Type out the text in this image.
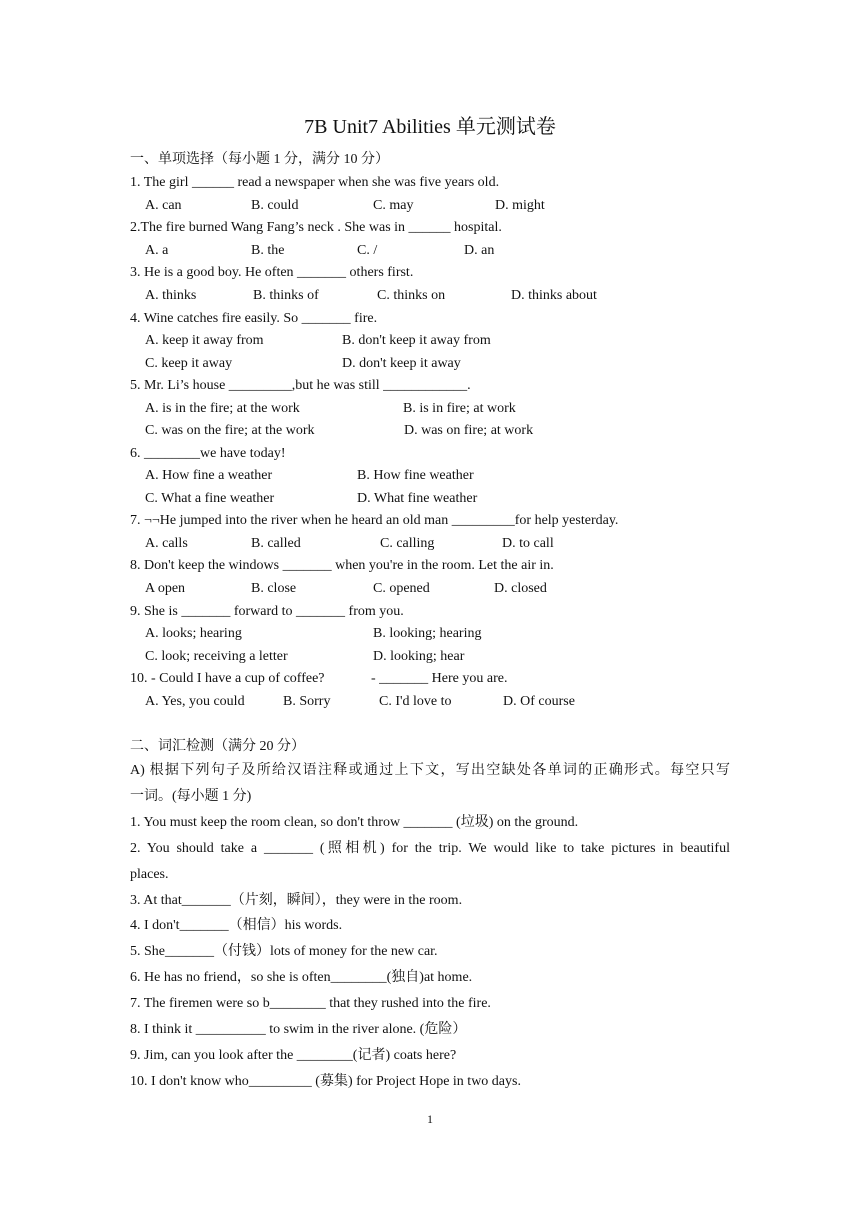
7B Unit7 Abilities 单元测试卷
一、单项选择（每小题 1 分，满分 10 分）
1. The girl ______ read a newspaper when she was five years old.
A. can	B. could	C. may	D. might
2.The fire burned Wang Fang’s neck . She was in ______ hospital.
A. a	B. the	C. /	D. an
3. He is a good boy. He often _______ others first.
A. thinks	B. thinks of	C. thinks on	D. thinks about
4. Wine catches fire easily. So _______ fire.
A. keep it away from	B. don't keep it away from
C. keep it away	D. don't keep it away
5. Mr. Li’s house _________,but he was still ____________.
A. is in the fire; at the work	B. is in fire; at work
C. was on the fire; at the work	D. was on fire; at work
6. ________we have today!
A. How fine a weather	B. How fine weather
C. What a fine weather	D. What fine weather
7. ¬¬He jumped into the river when he heard an old man _________for help yesterday.
A. calls	B. called	C. calling	D. to call
8. Don't keep the windows _______ when you're in the room. Let the air in.
A open	B. close	C. opened	D. closed
9. She is _______ forward to _______ from you.
A. looks; hearing	B. looking; hearing
C. look; receiving a letter	D. looking; hear
10. - Could I have a cup of coffee?	- _______ Here you are.
A. Yes, you could	B. Sorry	C. I'd love to	D. Of course
二、词汇检测（满分 20 分）
A) 根据下列句子及所给汉语注释或通过上下文，写出空缺处各单词的正确形式。每空只写
一词。(每小题 1 分)
1. You must keep the room clean, so don't throw _______ (垃圾) on the ground.
2. You should take a _______ (照相机) for the trip. We would like to take pictures in beautiful
places.
3. At that_______（片刻，瞬间），they were in the room.
4. I don't_______（相信）his words.
5. She_______（付钱）lots of money for the new car.
6. He has no friend，so she is often________(独自)at home.
7. The firemen were so b________ that they rushed into the fire.
8. I think it __________ to swim in the river alone. (危险）
9. Jim, can you look after the ________(记者) coats here?
10. I don't know who_________ (募集) for Project Hope in two days.
1
